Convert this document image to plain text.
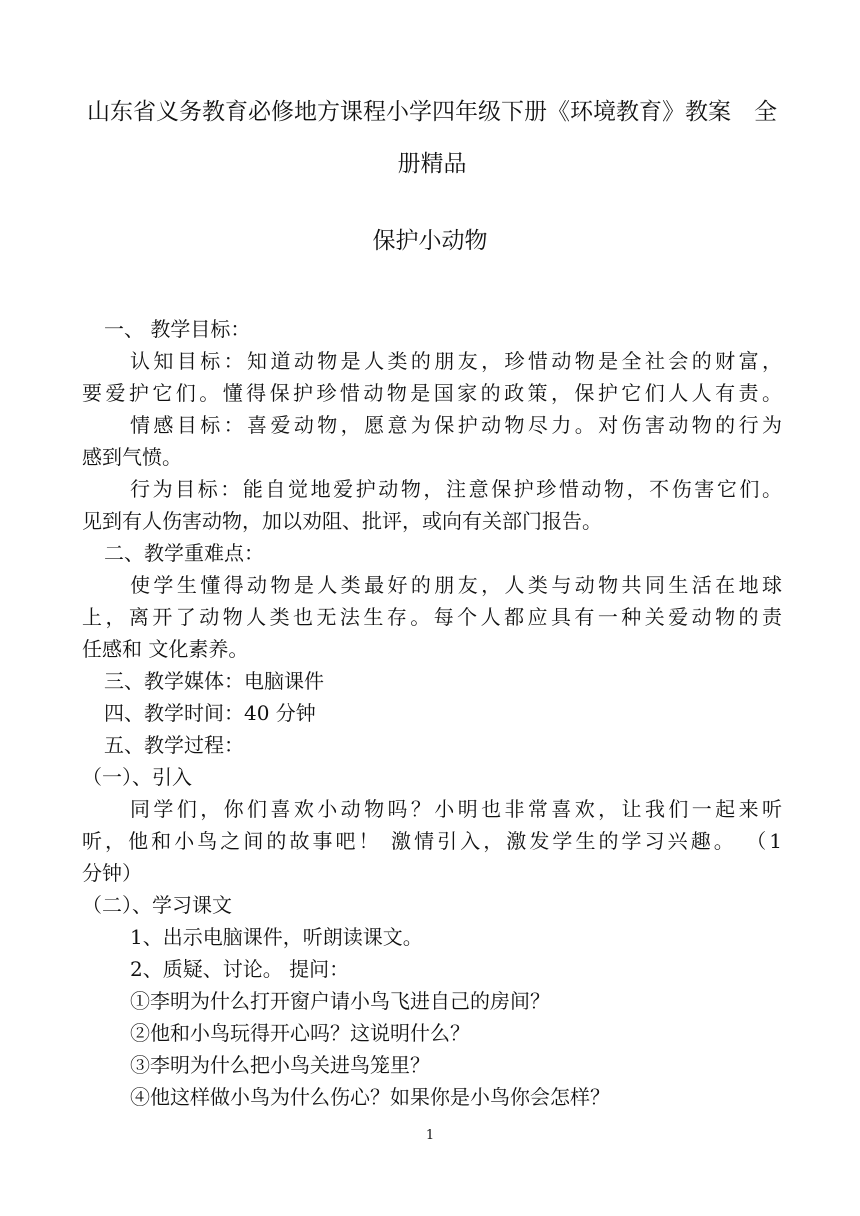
山东省义务教育必修地方课程小学四年级下册《环境教育》教案　全册精品
保护小动物
一、 教学目标：
认知目标：知道动物是人类的朋友，珍惜动物是全社会的财富，
要爱护它们。懂得保护珍惜动物是国家的政策，保护它们人人有责。
情感目标：喜爱动物，愿意为保护动物尽力。对伤害动物的行为
感到气愤。
行为目标：能自觉地爱护动物，注意保护珍惜动物，不伤害它们。
见到有人伤害动物，加以劝阻、批评，或向有关部门报告。
二、教学重难点：
使学生懂得动物是人类最好的朋友，人类与动物共同生活在地球
上，离开了动物人类也无法生存。每个人都应具有一种关爱动物的责
任感和 文化素养。
三、教学媒体：电脑课件
四、教学时间：40 分钟
五、教学过程：
（一）、引入
同学们，你们喜欢小动物吗？小明也非常喜欢，让我们一起来听
听，他和小鸟之间的故事吧！ 激情引入，激发学生的学习兴趣。 （1
分钟）
（二）、学习课文
1、出示电脑课件，听朗读课文。
2、质疑、讨论。 提问：
①李明为什么打开窗户请小鸟飞进自己的房间？
②他和小鸟玩得开心吗？这说明什么？
③李明为什么把小鸟关进鸟笼里？
④他这样做小鸟为什么伤心？如果你是小鸟你会怎样？
1
